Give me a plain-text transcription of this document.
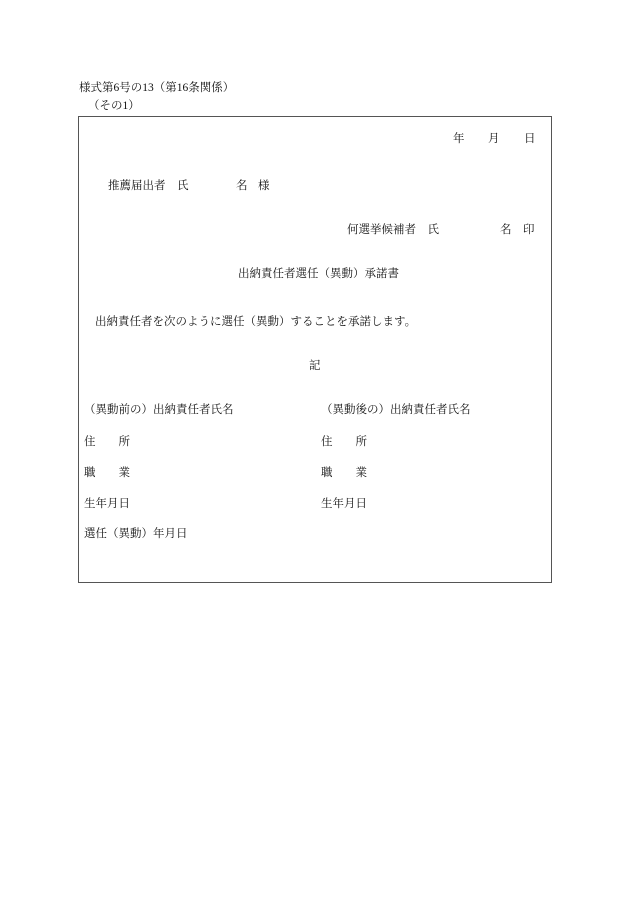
様式第6号の13（第16条関係）
（その1）
年 月 日
推薦届出者　氏	名 様
何選挙候補者　氏	名 印
出納責任者選任（異動）承諾書
出納責任者を次のように選任（異動）することを承諾します。
記
（異動前の）出納責任者氏名
住　　所
職　　業
生年月日
選任（異動）年月日
（異動後の）出納責任者氏名
住　　所
職　　業
生年月日
